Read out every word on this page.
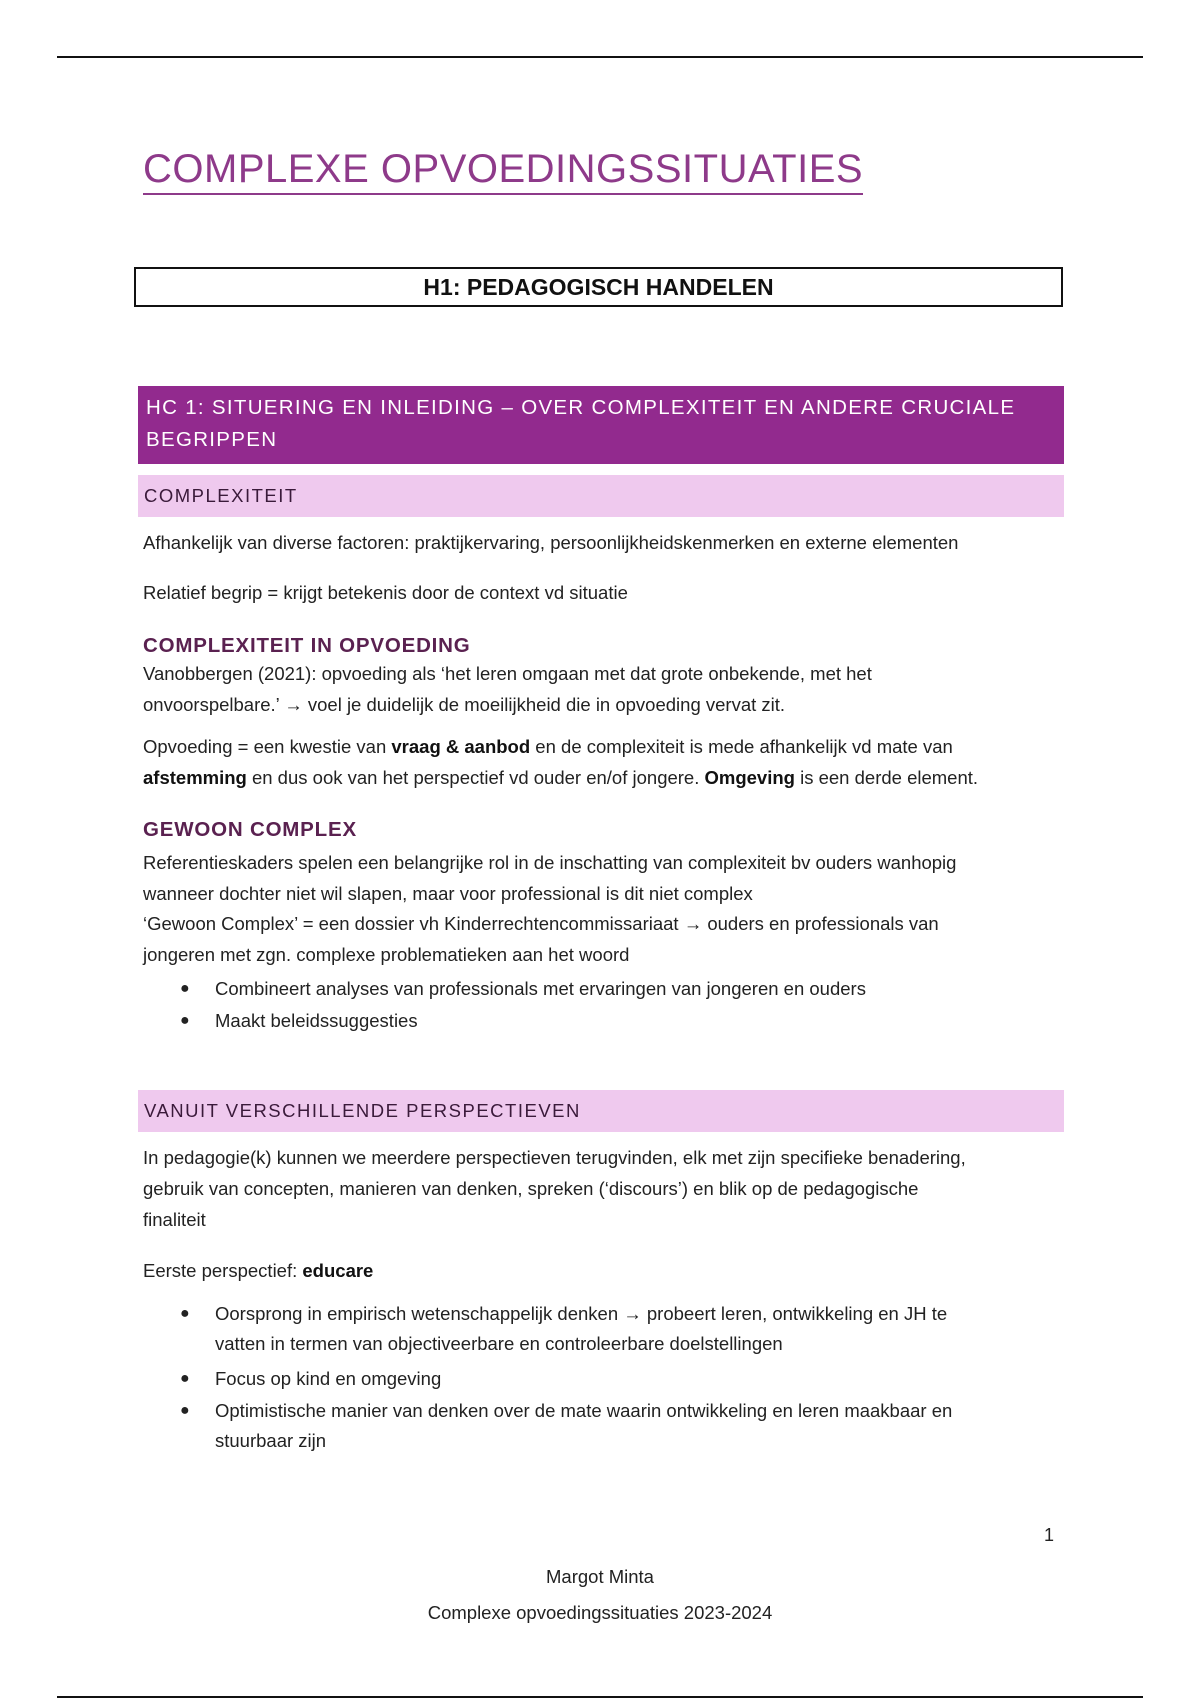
COMPLEXE OPVOEDINGSSITUATIES
H1: PEDAGOGISCH HANDELEN
HC 1: SITUERING EN INLEIDING – OVER COMPLEXITEIT EN ANDERE CRUCIALE
BEGRIPPEN
COMPLEXITEIT

Afhankelijk van diverse factoren: praktijkervaring, persoonlijkheidskenmerken en externe elementen

Relatief begrip = krijgt betekenis door de context vd situatie

COMPLEXITEIT IN OPVOEDING

Vanobbergen (2021): opvoeding als ‘het leren omgaan met dat grote onbekende, met het
onvoorspelbare.’ → voel je duidelijk de moeilijkheid die in opvoeding vervat zit.

Opvoeding = een kwestie van vraag & aanbod en de complexiteit is mede afhankelijk vd mate van
afstemming en dus ook van het perspectief vd ouder en/of jongere. Omgeving is een derde element.

GEWOON COMPLEX

Referentieskaders spelen een belangrijke rol in de inschatting van complexiteit bv ouders wanhopig
wanneer dochter niet wil slapen, maar voor professional is dit niet complex
‘Gewoon Complex’ = een dossier vh Kinderrechtencommissariaat → ouders en professionals van
jongeren met zgn. complexe problematieken aan het woord

● Combineert analyses van professionals met ervaringen van jongeren en ouders
● Maakt beleidssuggesties
VANUIT VERSCHILLENDE PERSPECTIEVEN

In pedagogie(k) kunnen we meerdere perspectieven terugvinden, elk met zijn specifieke benadering,
gebruik van concepten, manieren van denken, spreken (‘discours’) en blik op de pedagogische
finaliteit

Eerste perspectief: educare

● Oorsprong in empirisch wetenschappelijk denken → probeert leren, ontwikkeling en JH te
vatten in termen van objectiveerbare en controleerbare doelstellingen
● Focus op kind en omgeving
● Optimistische manier van denken over de mate waarin ontwikkeling en leren maakbaar en
stuurbaar zijn
1
Margot Minta
Complexe opvoedingssituaties 2023-2024
